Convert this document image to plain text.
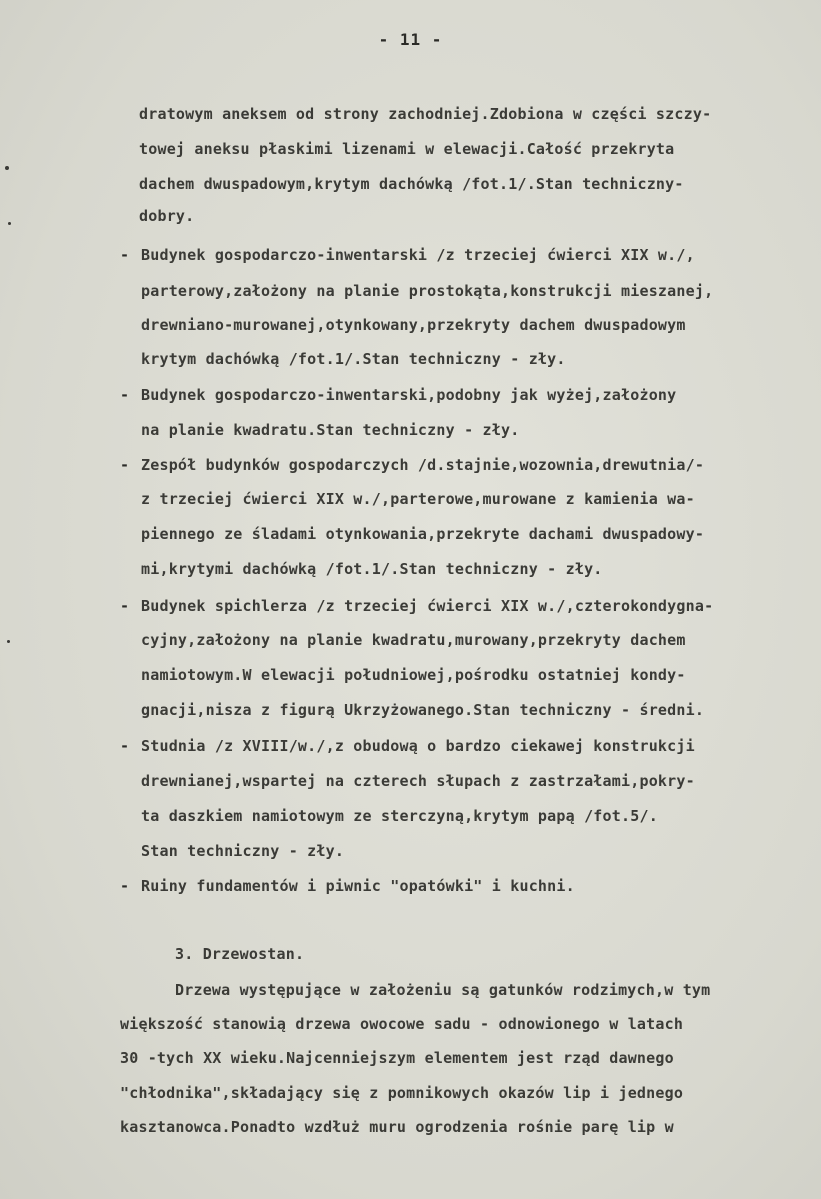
- 11 -
dratowym aneksem od strony zachodniej.Zdobiona w części szczy-
towej aneksu płaskimi lizenami w elewacji.Całość przekryta
dachem dwuspadowym,krytym dachówką /fot.1/.Stan techniczny-
dobry.
- Budynek gospodarczo-inwentarski /z trzeciej ćwierci XIX w./,
parterowy,założony na planie prostokąta,konstrukcji mieszanej,
drewniano-murowanej,otynkowany,przekryty dachem dwuspadowym
krytym dachówką /fot.1/.Stan techniczny - zły.
- Budynek gospodarczo-inwentarski,podobny jak wyżej,założony
na planie kwadratu.Stan techniczny - zły.
- Zespół budynków gospodarczych /d.stajnie,wozownia,drewutnia/-
z trzeciej ćwierci XIX w./,parterowe,murowane z kamienia wa-
piennego ze śladami otynkowania,przekryte dachami dwuspadowy-
mi,krytymi dachówką /fot.1/.Stan techniczny - zły.
- Budynek spichlerza /z trzeciej ćwierci XIX w./,czterokondygna-
cyjny,założony na planie kwadratu,murowany,przekryty dachem
namiotowym.W elewacji południowej,pośrodku ostatniej kondy-
gnacji,nisza z figurą Ukrzyżowanego.Stan techniczny - średni.
- Studnia /z XVIII/w./,z obudową o bardzo ciekawej konstrukcji
drewnianej,wspartej na czterech słupach z zastrzałami,pokry-
ta daszkiem namiotowym ze sterczyną,krytym papą /fot.5/.
Stan techniczny - zły.
- Ruiny fundamentów i piwnic "opatówki" i kuchni.
3. Drzewostan.
Drzewa występujące w założeniu są gatunków rodzimych,w tym
większość stanowią drzewa owocowe sadu - odnowionego w latach
30 -tych XX wieku.Najcenniejszym elementem jest rząd dawnego
"chłodnika",składający się z pomnikowych okazów lip i jednego
kasztanowca.Ponadto wzdłuż muru ogrodzenia rośnie parę lip w
